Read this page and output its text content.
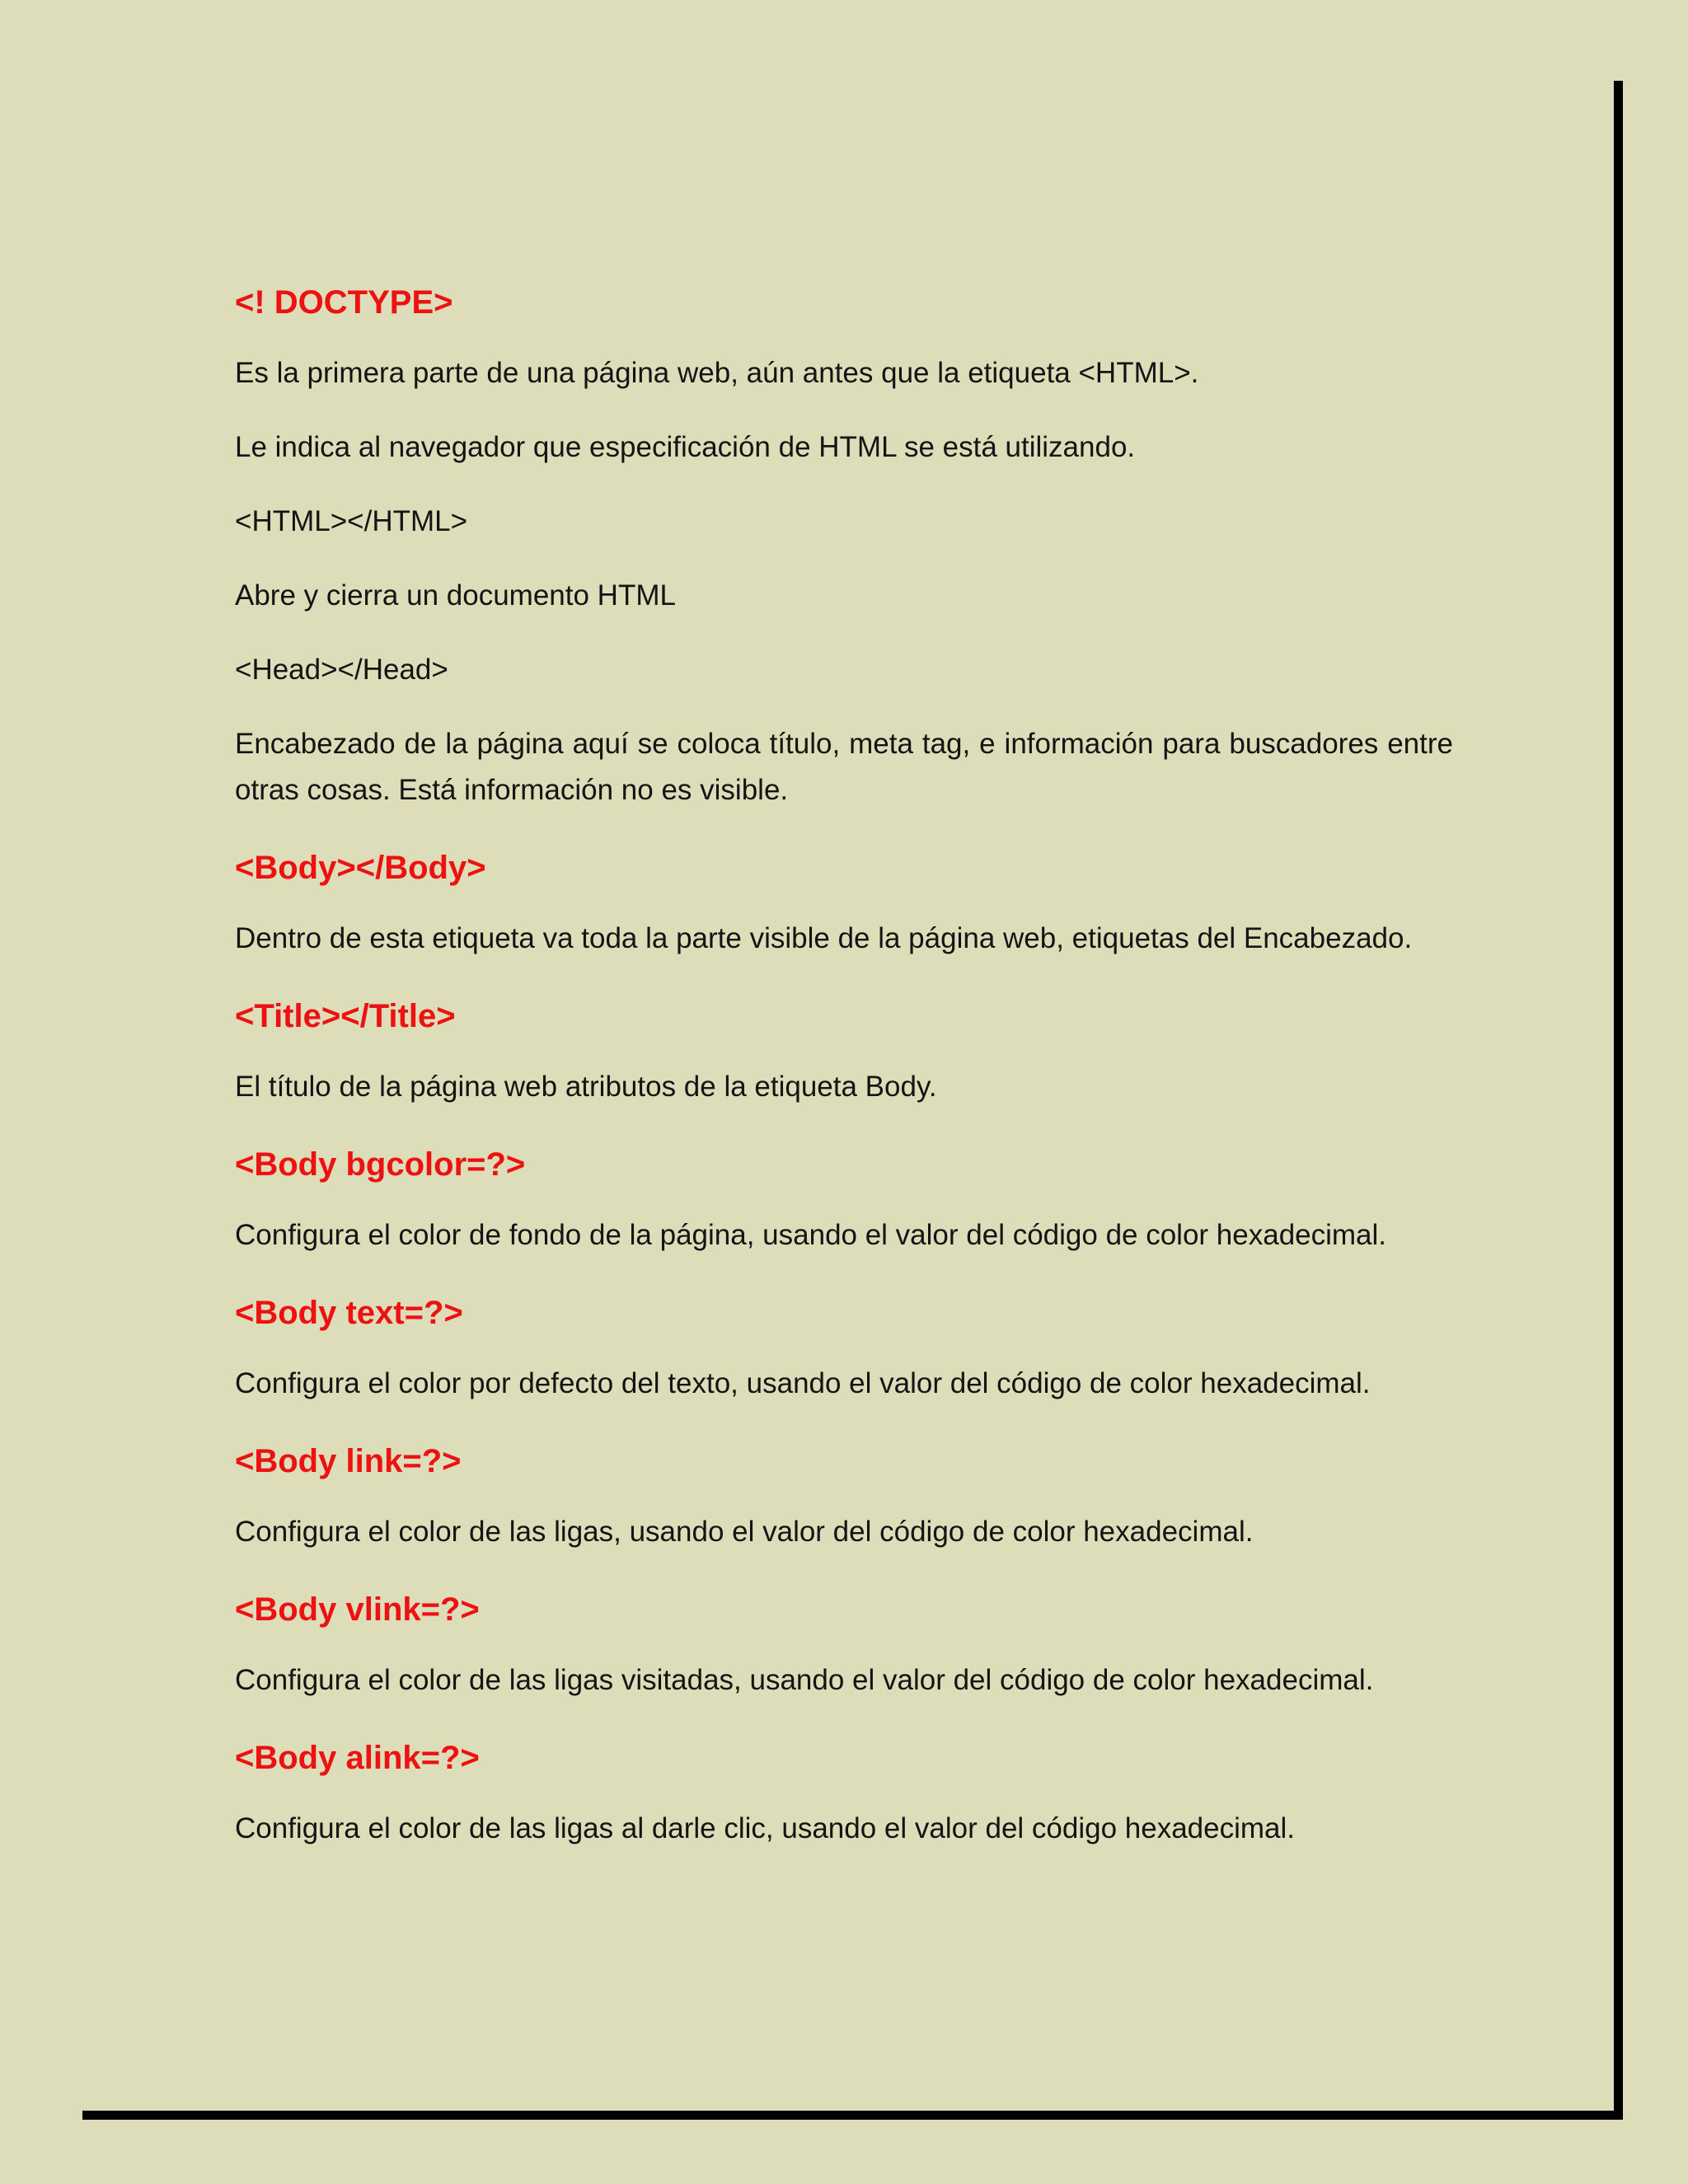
<! DOCTYPE>

Es la primera parte de una página web, aún antes que la etiqueta <HTML>.

Le indica al navegador que especificación de HTML se está utilizando.

<HTML></HTML>

Abre y cierra un documento HTML

<Head></Head>

Encabezado de la página aquí se coloca título, meta tag, e información para buscadores entre otras cosas. Está información no es visible.

<Body></Body>

Dentro de esta etiqueta va toda la parte visible de la página web, etiquetas del Encabezado.

<Title></Title>

El título de la página web atributos de la etiqueta Body.

<Body bgcolor=?>

Configura el color de fondo de la página, usando el valor del código de color hexadecimal.

<Body text=?>

Configura el color por defecto del texto, usando el valor del código de color hexadecimal.

<Body link=?>

Configura el color de las ligas, usando el valor del código de color hexadecimal.

<Body vlink=?>

Configura el color de las ligas visitadas, usando el valor del código de color hexadecimal.

<Body alink=?>

Configura el color de las ligas al darle clic, usando el valor del código hexadecimal.
